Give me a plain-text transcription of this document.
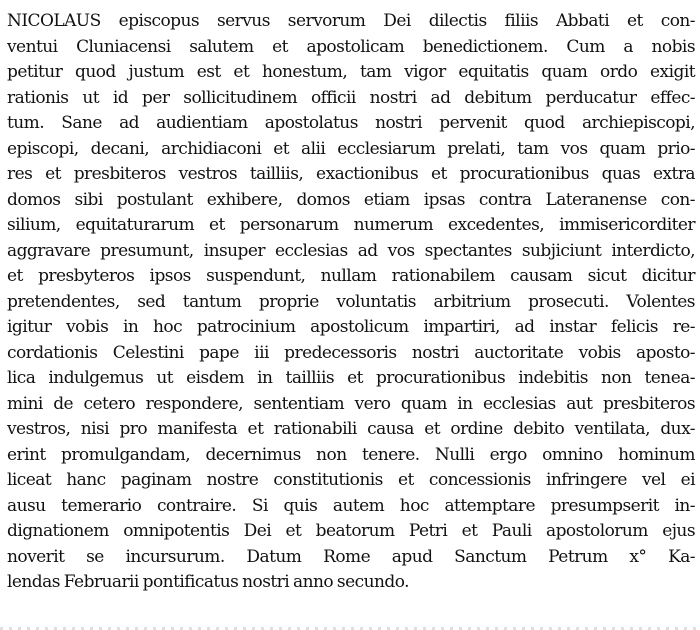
NICOLAUS episcopus servus servorum Dei dilectis filiis Abbati et con-
ventui Cluniacensi salutem et apostolicam benedictionem. Cum a nobis
petitur quod justum est et honestum, tam vigor equitatis quam ordo exigit
rationis ut id per sollicitudinem officii nostri ad debitum perducatur effec-
tum. Sane ad audientiam apostolatus nostri pervenit quod archiepiscopi,
episcopi, decani, archidiaconi et alii ecclesiarum prelati, tam vos quam prio-
res et presbiteros vestros tailliis, exactionibus et procurationibus quas extra
domos sibi postulant exhibere, domos etiam ipsas contra Lateranense con-
silium, equitaturarum et personarum numerum excedentes, immisericorditer
aggravare presumunt, insuper ecclesias ad vos spectantes subjiciunt interdicto,
et presbyteros ipsos suspendunt, nullam rationabilem causam sicut dicitur
pretendentes, sed tantum proprie voluntatis arbitrium prosecuti. Volentes
igitur vobis in hoc patrocinium apostolicum impartiri, ad instar felicis re-
cordationis Celestini pape iii predecessoris nostri auctoritate vobis aposto-
lica indulgemus ut eisdem in tailliis et procurationibus indebitis non tenea-
mini de cetero respondere, sententiam vero quam in ecclesias aut presbiteros
vestros, nisi pro manifesta et rationabili causa et ordine debito ventilata, dux-
erint promulgandam, decernimus non tenere. Nulli ergo omnino hominum
liceat hanc paginam nostre constitutionis et concessionis infringere vel ei
ausu temerario contraire. Si quis autem hoc attemptare presumpserit in-
dignationem omnipotentis Dei et beatorum Petri et Pauli apostolorum ejus
noverit se incursurum. Datum Rome apud Sanctum Petrum x° Ka-
lendas Februarii pontificatus nostri anno secundo.
